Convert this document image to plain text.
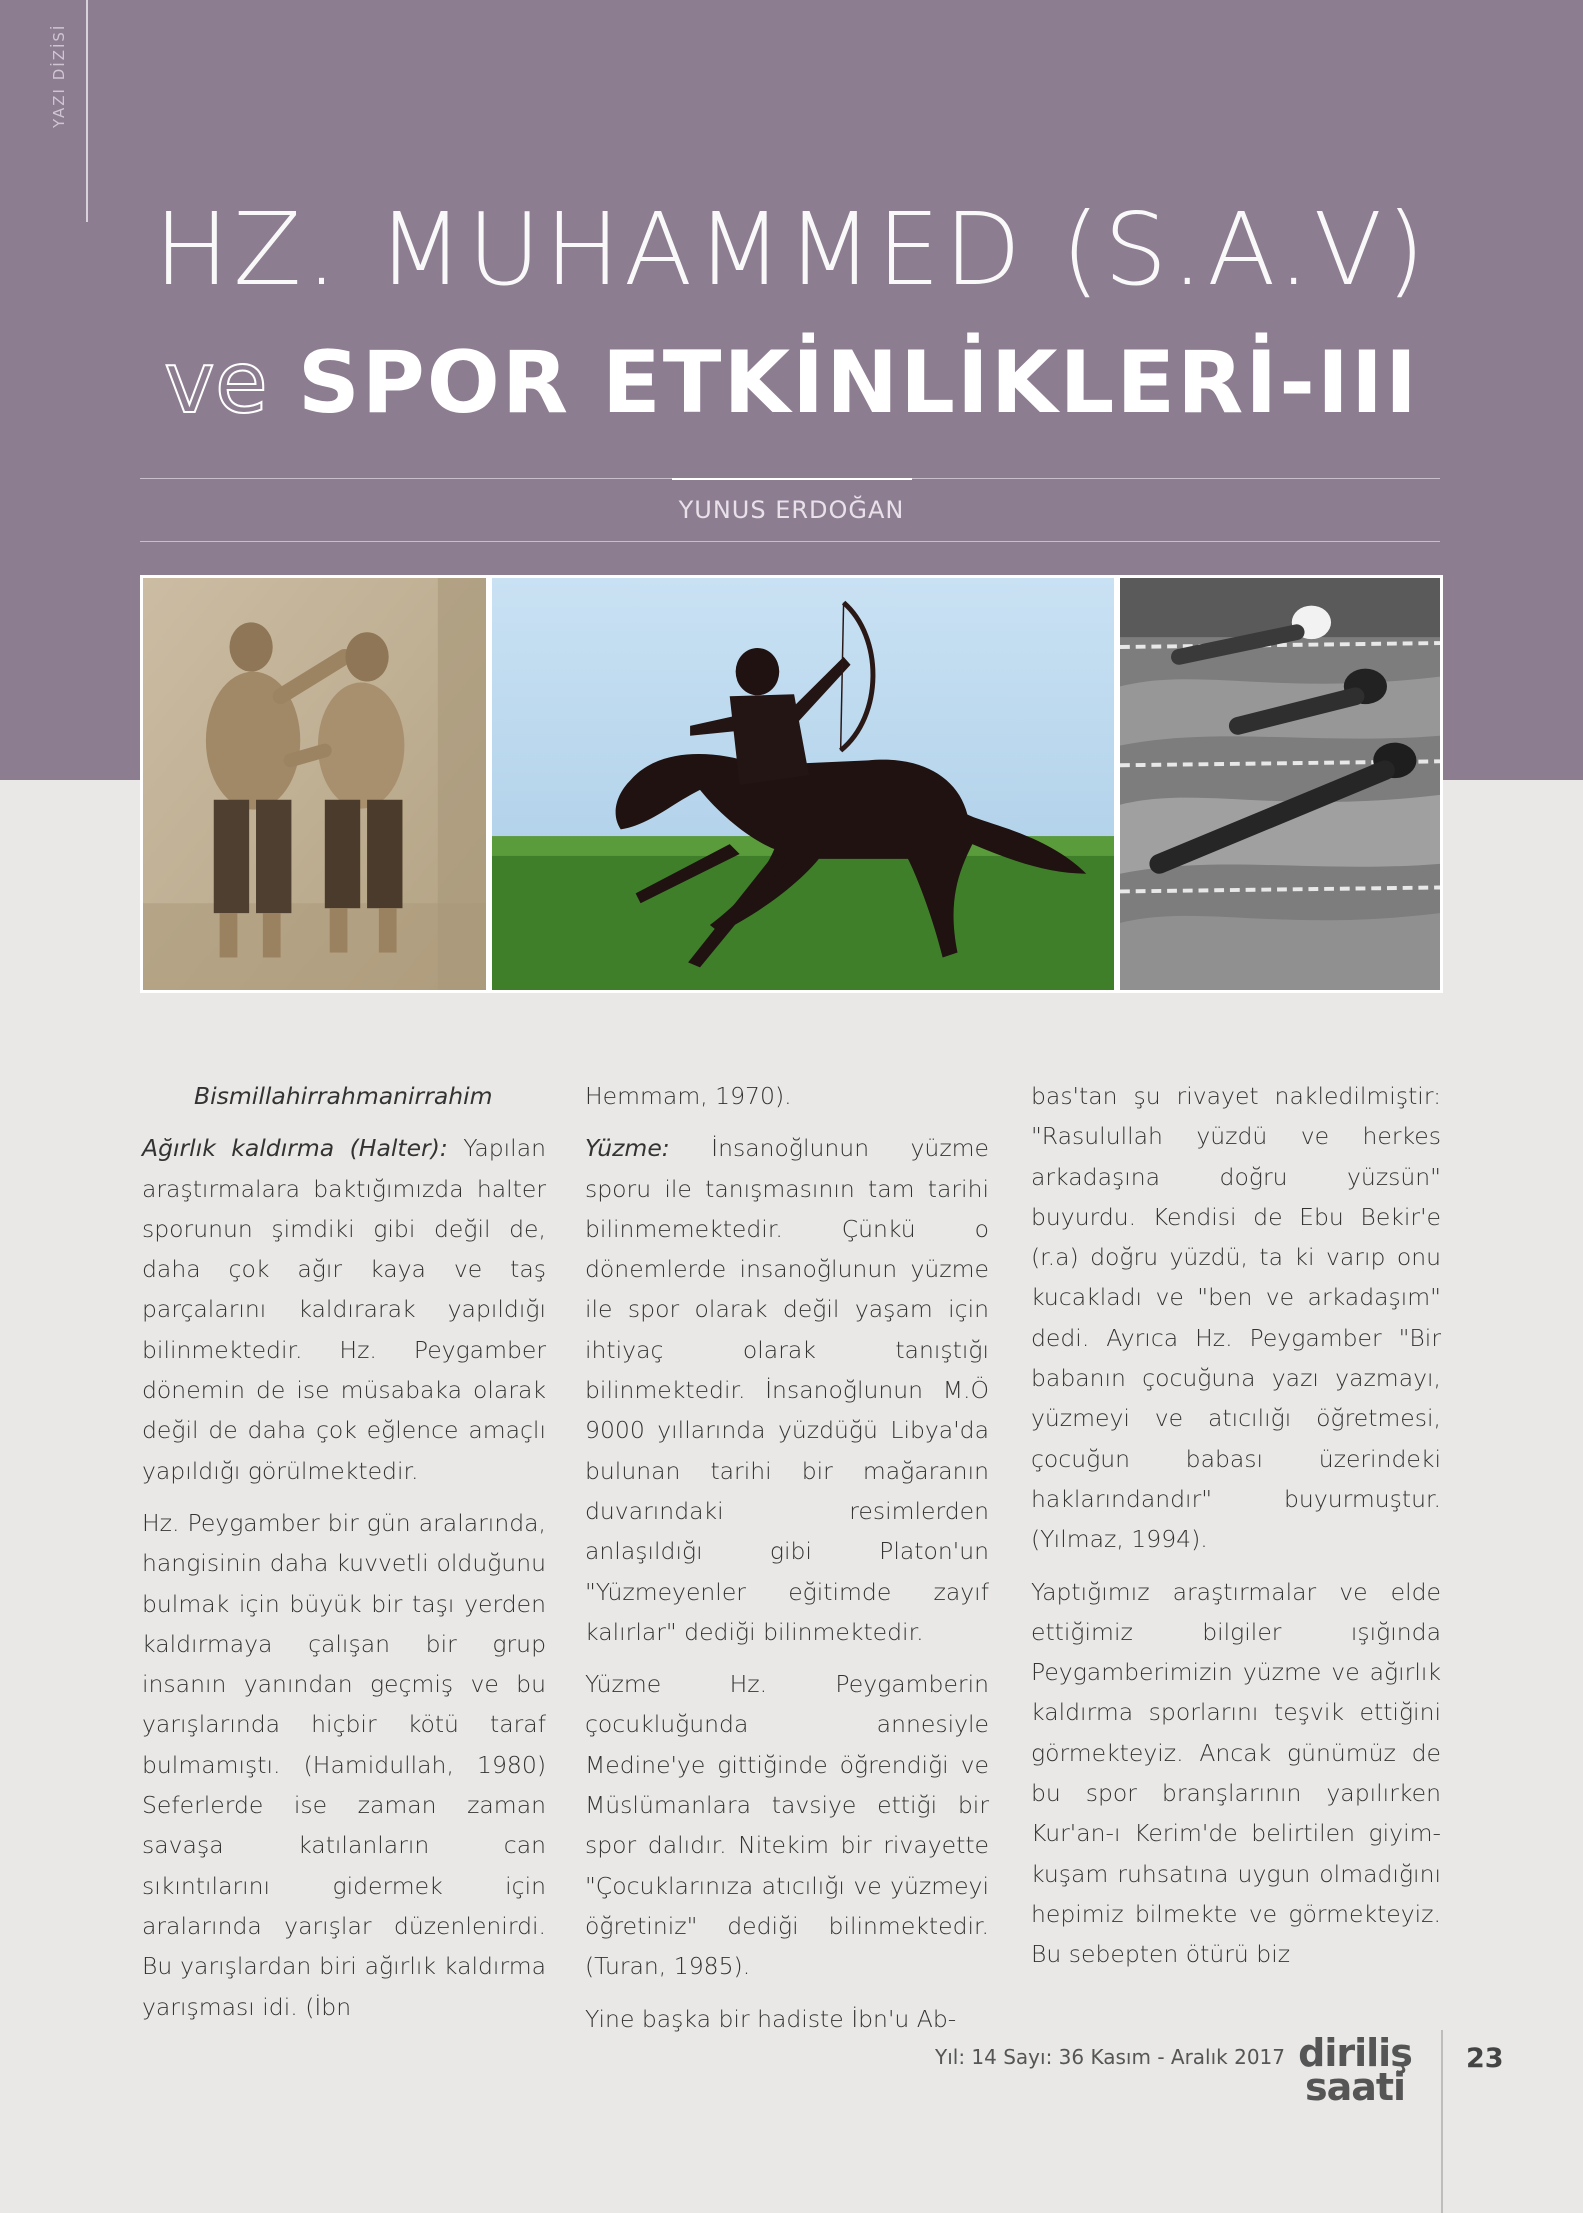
YAZI DİZİSİ
HZ. MUHAMMED (S.A.V)
ve SPOR ETKİNLİKLERİ-III
YUNUS ERDOĞAN

Bismillahirrahmanirrahim

Ağırlık kaldırma (Halter): Yapılan araştırmalara baktığımızda halter sporunun şimdiki gibi değil de, daha çok ağır kaya ve taş parçalarını kaldırarak yapıldığı bilinmektedir. Hz. Peygamber dönemin de ise müsabaka olarak değil de daha çok eğlence amaçlı yapıldığı görülmektedir.

Hz. Peygamber bir gün aralarında, hangisinin daha kuvvetli olduğunu bulmak için büyük bir taşı yerden kaldırmaya çalışan bir grup insanın yanından geçmiş ve bu yarışlarında hiçbir kötü taraf bulmamıştı. (Hamidullah, 1980) Seferlerde ise zaman zaman savaşa katılanların can sıkıntılarını gidermek için aralarında yarışlar düzenlenirdi. Bu yarışlardan biri ağırlık kaldırma yarışması idi. (İbn

Hemmam, 1970).

Yüzme: İnsanoğlunun yüzme sporu ile tanışmasının tam tarihi bilinmemektedir. Çünkü o dönemlerde insanoğlunun yüzme ile spor olarak değil yaşam için ihtiyaç olarak tanıştığı bilinmektedir. İnsanoğlunun M.Ö 9000 yıllarında yüzdüğü Libya'da bulunan tarihi bir mağaranın duvarındaki resimlerden anlaşıldığı gibi Platon'un "Yüzmeyenler eğitimde zayıf kalırlar" dediği bilinmektedir.

Yüzme Hz. Peygamberin çocukluğunda annesiyle Medine'ye gittiğinde öğrendiği ve Müslümanlara tavsiye ettiği bir spor dalıdır. Nitekim bir rivayette "Çocuklarınıza atıcılığı ve yüzmeyi öğretiniz" dediği bilinmektedir. (Turan, 1985).

Yine başka bir hadiste İbn'u Ab-

bas'tan şu rivayet nakledilmiştir: "Rasulullah yüzdü ve herkes arkadaşına doğru yüzsün" buyurdu. Kendisi de Ebu Bekir'e (r.a) doğru yüzdü, ta ki varıp onu kucakladı ve "ben ve arkadaşım" dedi. Ayrıca Hz. Peygamber "Bir babanın çocuğuna yazı yazmayı, yüzmeyi ve atıcılığı öğretmesi, çocuğun babası üzerindeki haklarındandır" buyurmuştur. (Yılmaz, 1994).

Yaptığımız araştırmalar ve elde ettiğimiz bilgiler ışığında Peygamberimizin yüzme ve ağırlık kaldırma sporlarını teşvik ettiğini görmekteyiz. Ancak günümüz de bu spor branşlarının yapılırken Kur'an-ı Kerim'de belirtilen giyim-kuşam ruhsatına uygun olmadığını hepimiz bilmekte ve görmekteyiz. Bu sebepten ötürü biz

Yıl: 14 Sayı: 36 Kasım - Aralık 2017 diriliş
saati
23
